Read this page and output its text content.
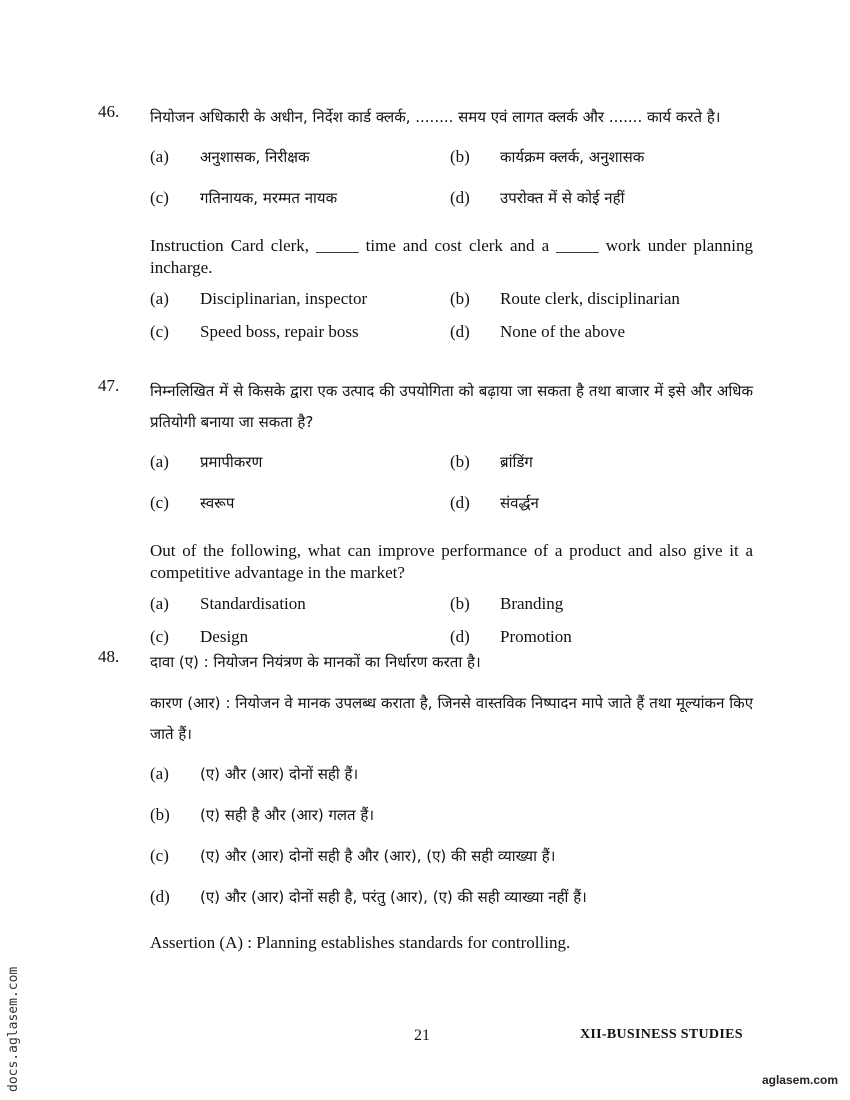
46. नियोजन अधिकारी के अधीन, निर्देश कार्ड क्लर्क, ........ समय एवं लागत क्लर्क और ....... कार्य करते है।
(a) अनुशासक, निरीक्षक	(b) कार्यक्रम क्लर्क, अनुशासक
(c) गतिनायक, मरम्मत नायक	(d) उपरोक्त में से कोई नहीं
Instruction Card clerk, _____ time and cost clerk and a _____ work under planning incharge.
(a) Disciplinarian, inspector	(b) Route clerk, disciplinarian
(c) Speed boss, repair boss	(d) None of the above
47. निम्नलिखित में से किसके द्वारा एक उत्पाद की उपयोगिता को बढ़ाया जा सकता है तथा बाजार में इसे और अधिक प्रतियोगी बनाया जा सकता है?
(a) प्रमापीकरण	(b) ब्रांडिंग
(c) स्वरूप	(d) संवर्द्धन
Out of the following, what can improve performance of a product and also give it a competitive advantage in the market?
(a) Standardisation	(b) Branding
(c) Design	(d) Promotion
48. दावा (ए) : नियोजन नियंत्रण के मानकों का निर्धारण करता है।
कारण (आर) : नियोजन वे मानक उपलब्ध कराता है, जिनसे वास्तविक निष्पादन मापे जाते हैं तथा मूल्यांकन किए जाते हैं।
(a) (ए) और (आर) दोनों सही हैं।
(b) (ए) सही है और (आर) गलत हैं।
(c) (ए) और (आर) दोनों सही है और (आर), (ए) की सही व्याख्या हैं।
(d) (ए) और (आर) दोनों सही है, परंतु (आर), (ए) की सही व्याख्या नहीं हैं।
Assertion (A) : Planning establishes standards for controlling.
21	XII-BUSINESS STUDIES
docs.aglasem.com	aglasem.com
